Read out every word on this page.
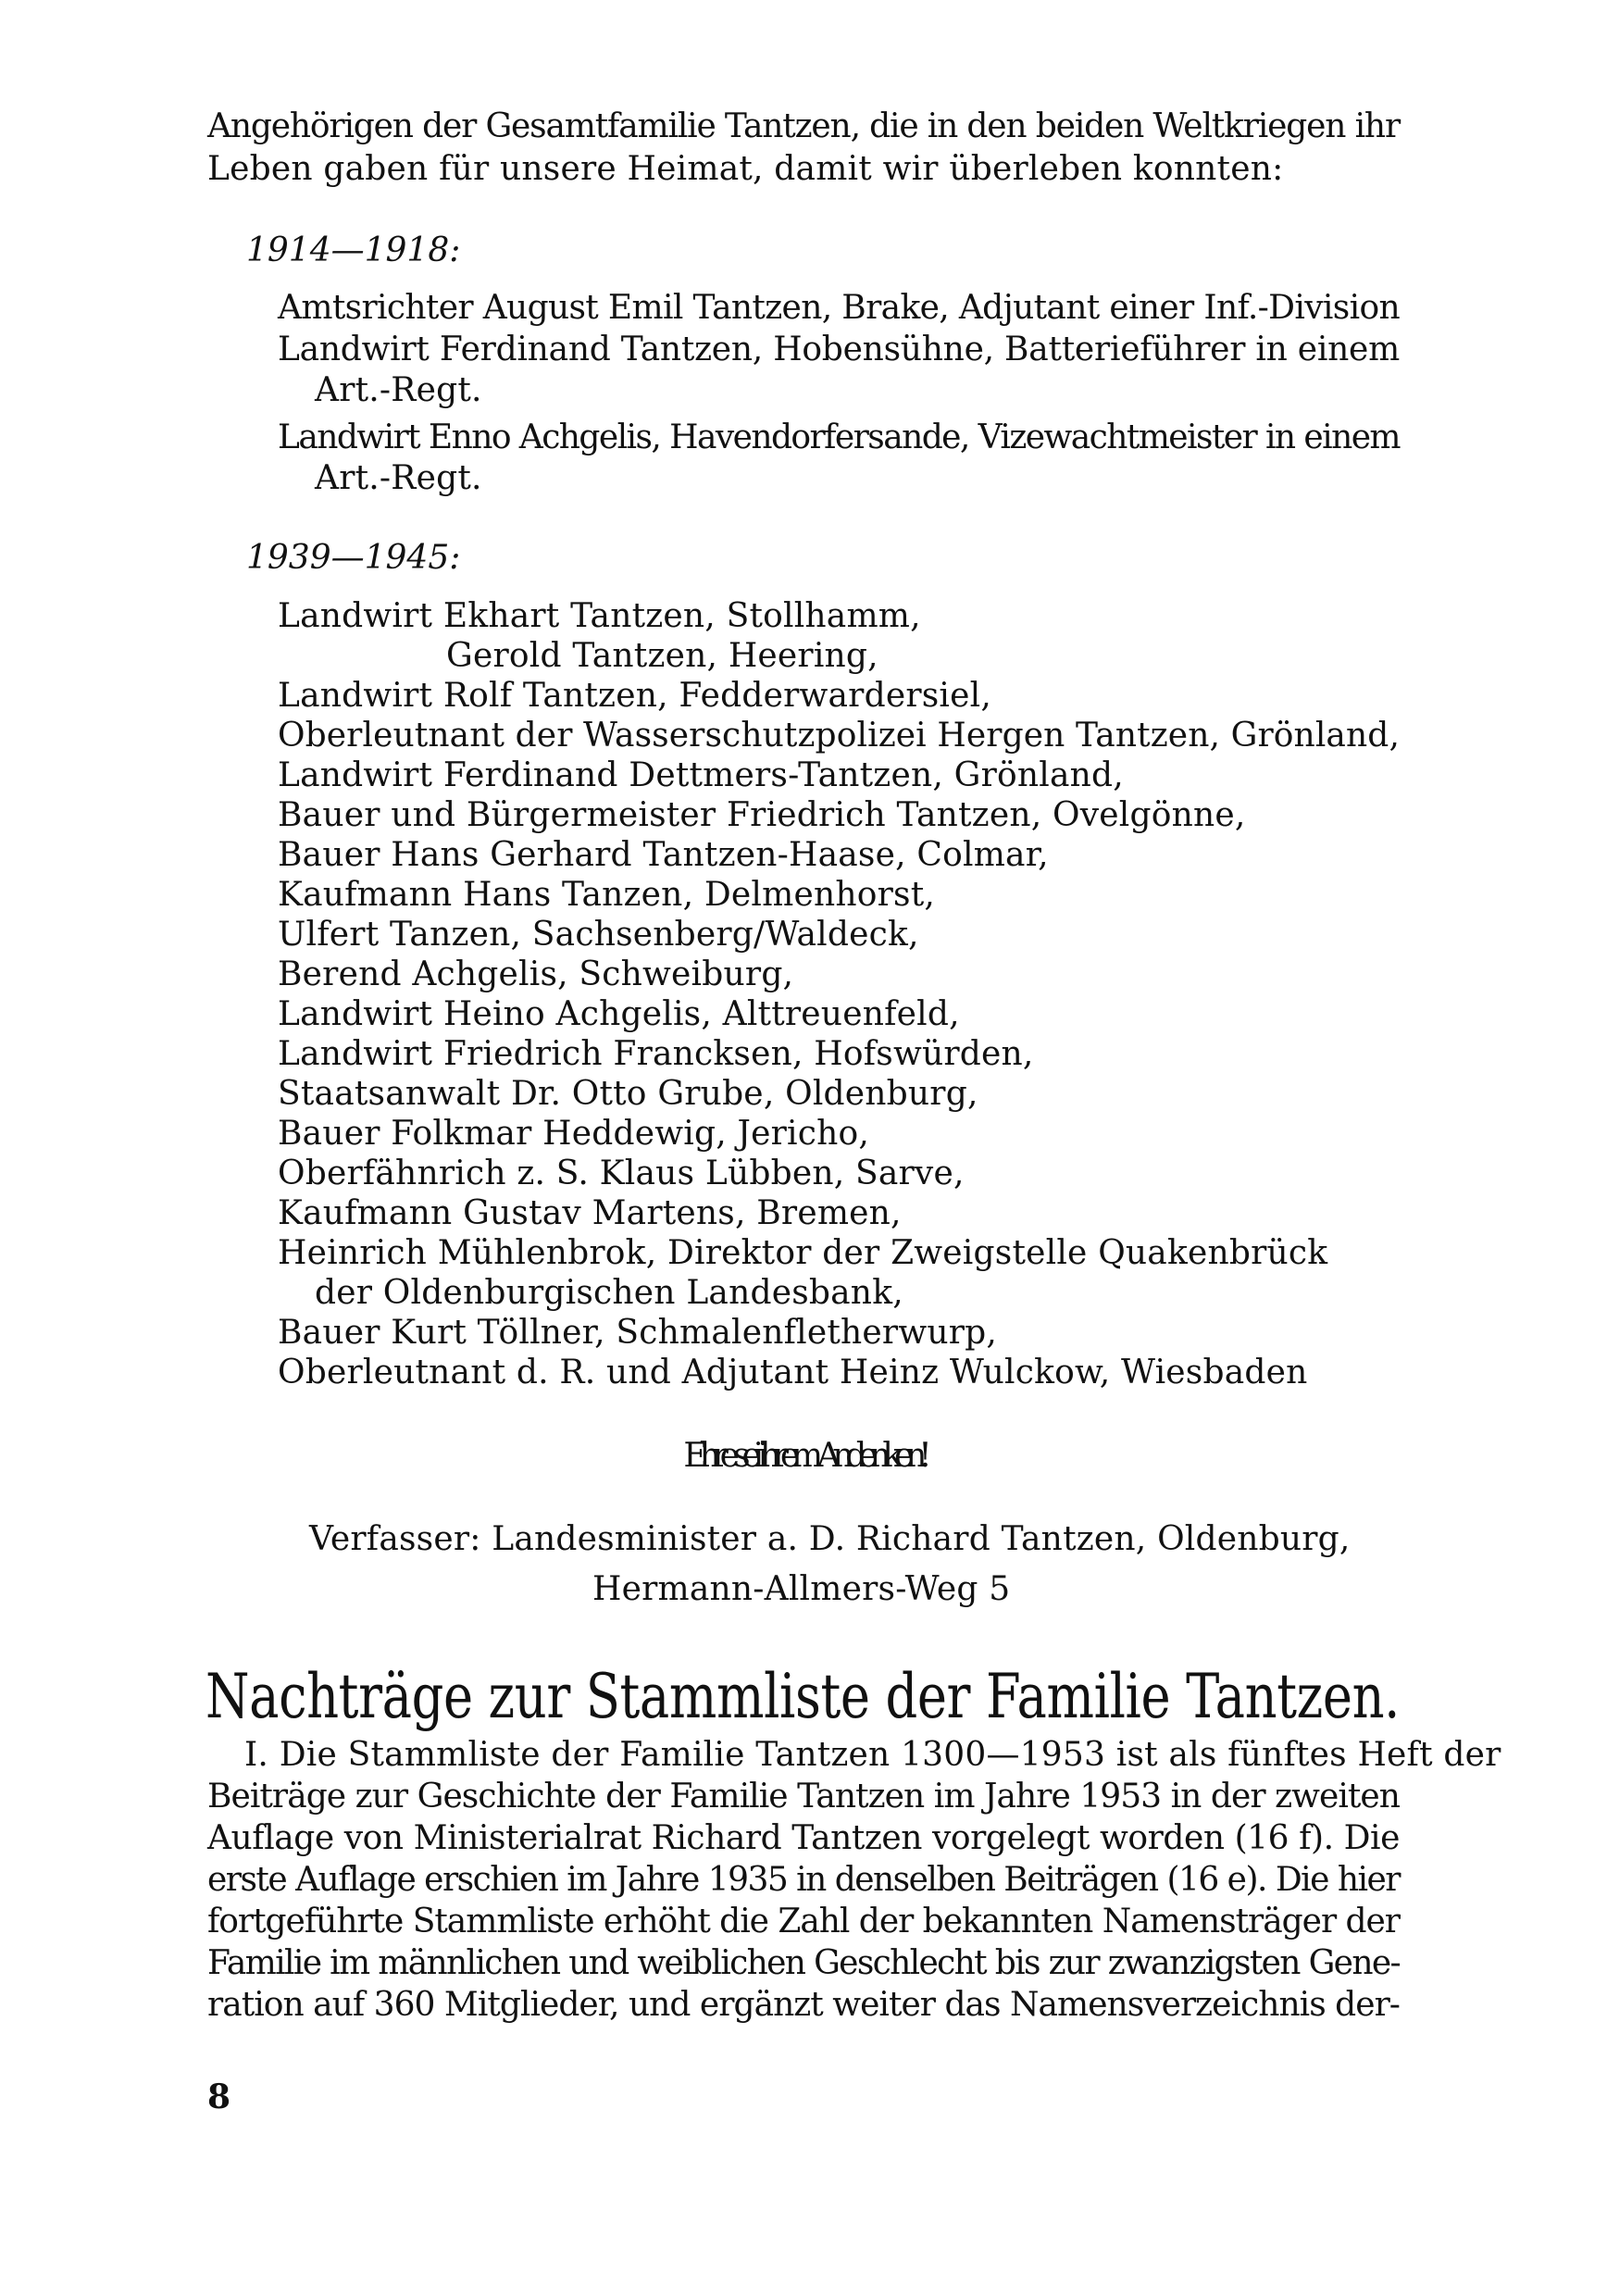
Angehörigen der Gesamtfamilie Tantzen, die in den beiden Weltkriegen ihr
Leben gaben für unsere Heimat, damit wir überleben konnten:
1914—1918:
Amtsrichter August Emil Tantzen, Brake, Adjutant einer Inf.-Division
Landwirt Ferdinand Tantzen, Hobensühne, Batterieführer in einem
Art.-Regt.
Landwirt Enno Achgelis, Havendorfersande, Vizewachtmeister in einem
Art.-Regt.
1939—1945:
Landwirt Ekhart Tantzen, Stollhamm,
Gerold Tantzen, Heering,
Landwirt Rolf Tantzen, Fedderwardersiel,
Oberleutnant der Wasserschutzpolizei Hergen Tantzen, Grönland,
Landwirt Ferdinand Dettmers-Tantzen, Grönland,
Bauer und Bürgermeister Friedrich Tantzen, Ovelgönne,
Bauer Hans Gerhard Tantzen-Haase, Colmar,
Kaufmann Hans Tanzen, Delmenhorst,
Ulfert Tanzen, Sachsenberg/Waldeck,
Berend Achgelis, Schweiburg,
Landwirt Heino Achgelis, Alttreuenfeld,
Landwirt Friedrich Francksen, Hofswürden,
Staatsanwalt Dr. Otto Grube, Oldenburg,
Bauer Folkmar Heddewig, Jericho,
Oberfähnrich z. S. Klaus Lübben, Sarve,
Kaufmann Gustav Martens, Bremen,
Heinrich Mühlenbrok, Direktor der Zweigstelle Quakenbrück
der Oldenburgischen Landesbank,
Bauer Kurt Töllner, Schmalenfletherwurp,
Oberleutnant d. R. und Adjutant Heinz Wulckow, Wiesbaden
Ehre sei ihrem Andenken!
Verfasser: Landesminister a. D. Richard Tantzen, Oldenburg,
Hermann-Allmers-Weg 5
Nachträge zur Stammliste der Familie Tantzen.
I. Die Stammliste der Familie Tantzen 1300—1953 ist als fünftes Heft der
Beiträge zur Geschichte der Familie Tantzen im Jahre 1953 in der zweiten
Auflage von Ministerialrat Richard Tantzen vorgelegt worden (16 f). Die
erste Auflage erschien im Jahre 1935 in denselben Beiträgen (16 e). Die hier
fortgeführte Stammliste erhöht die Zahl der bekannten Namensträger der
Familie im männlichen und weiblichen Geschlecht bis zur zwanzigsten Gene-
ration auf 360 Mitglieder, und ergänzt weiter das Namensverzeichnis der-
8
